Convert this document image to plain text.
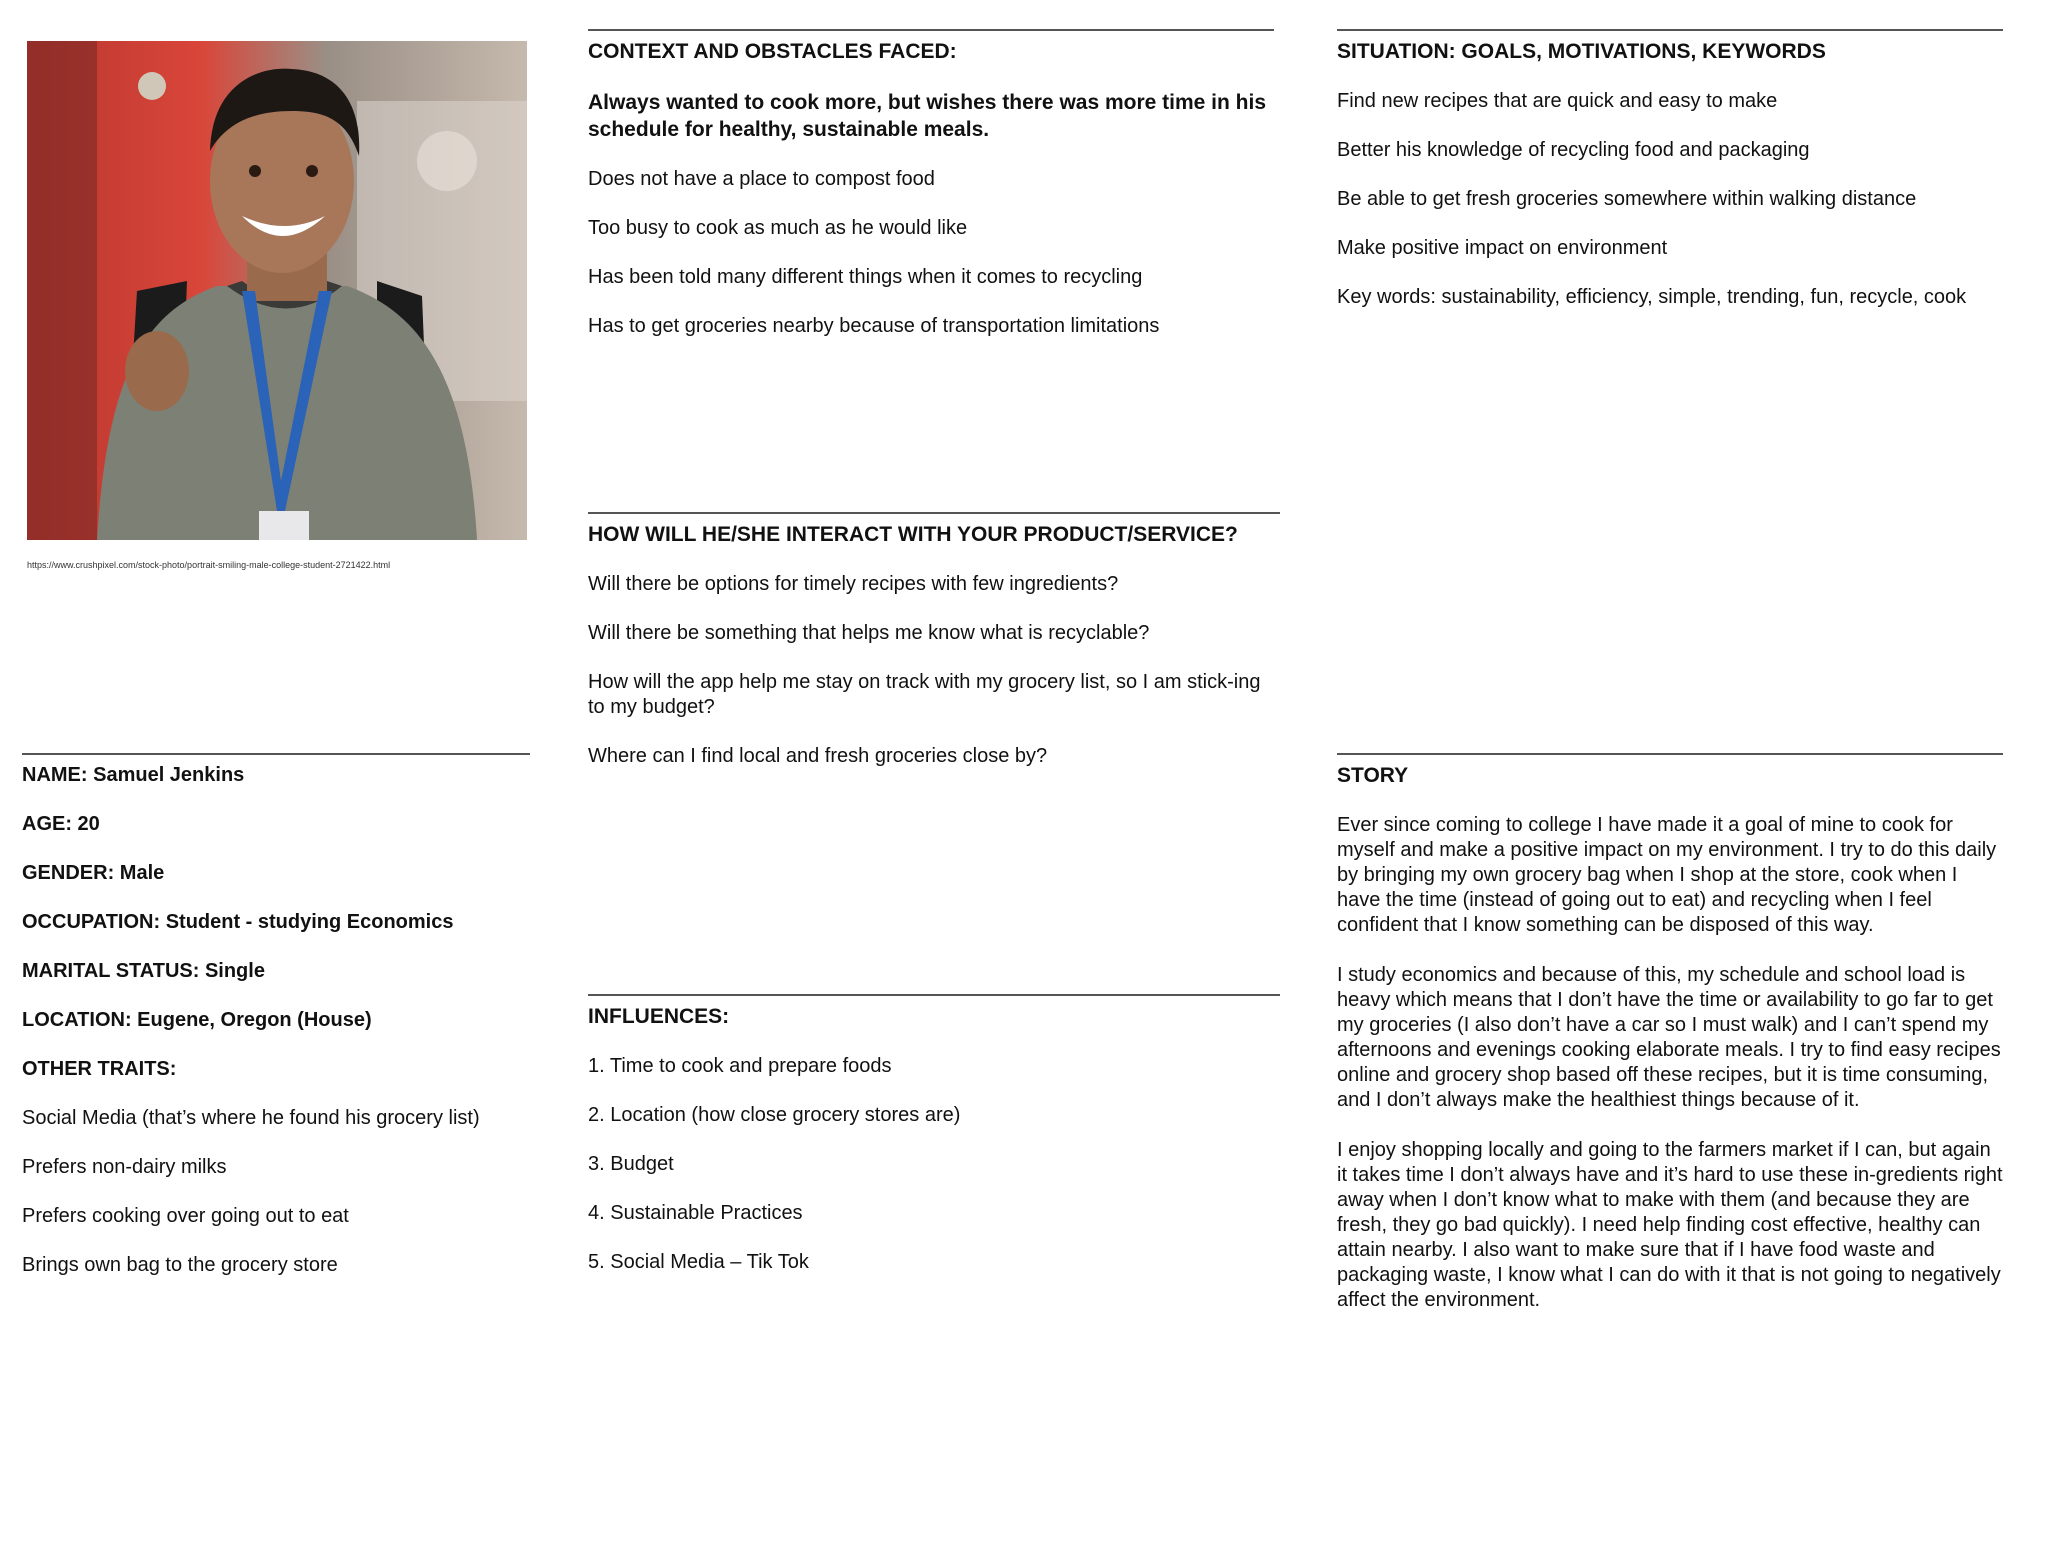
https://www.crushpixel.com/stock-photo/portrait-smiling-male-college-student-2721422.html

NAME: Samuel Jenkins

AGE: 20

GENDER: Male

OCCUPATION: Student - studying Economics

MARITAL STATUS: Single

LOCATION: Eugene, Oregon (House)

OTHER TRAITS:

Social Media (that’s where he found his grocery list)

Prefers non-dairy milks

Prefers cooking over going out to eat

Brings own bag to the grocery store

CONTEXT AND OBSTACLES FACED:

Always wanted to cook more, but wishes there was more time in his schedule for healthy, sustainable meals.

Does not have a place to compost food

Too busy to cook as much as he would like

Has been told many different things when it comes to recycling

Has to get groceries nearby because of transportation limitations

HOW WILL HE/SHE INTERACT WITH YOUR PRODUCT/SERVICE?

Will there be options for timely recipes with few ingredients?

Will there be something that helps me know what is recyclable?

How will the app help me stay on track with my grocery list, so I am stick-ing to my budget?

Where can I find local and fresh groceries close by?

INFLUENCES:

1. Time to cook and prepare foods

2. Location (how close grocery stores are)

3. Budget

4. Sustainable Practices

5. Social Media – Tik Tok

SITUATION: GOALS, MOTIVATIONS, KEYWORDS

Find new recipes that are quick and easy to make

Better his knowledge of recycling food and packaging

Be able to get fresh groceries somewhere within walking distance

Make positive impact on environment

Key words: sustainability, efficiency, simple, trending, fun, recycle, cook

STORY

Ever since coming to college I have made it a goal of mine to cook for myself and make a positive impact on my environment. I try to do this daily by bringing my own grocery bag when I shop at the store, cook when I have the time (instead of going out to eat) and recycling when I feel confident that I know something can be disposed of this way.

I study economics and because of this, my schedule and school load is heavy which means that I don’t have the time or availability to go far to get my groceries (I also don’t have a car so I must walk) and I can’t spend my afternoons and evenings cooking elaborate meals. I try to find easy recipes online and grocery shop based off these recipes, but it is time consuming, and I don’t always make the healthiest things because of it.

I enjoy shopping locally and going to the farmers market if I can, but again it takes time I don’t always have and it’s hard to use these in-gredients right away when I don’t know what to make with them (and because they are fresh, they go bad quickly). I need help finding cost effective, healthy can attain nearby. I also want to make sure that if I have food waste and packaging waste, I know what I can do with it that is not going to negatively affect the environment.
